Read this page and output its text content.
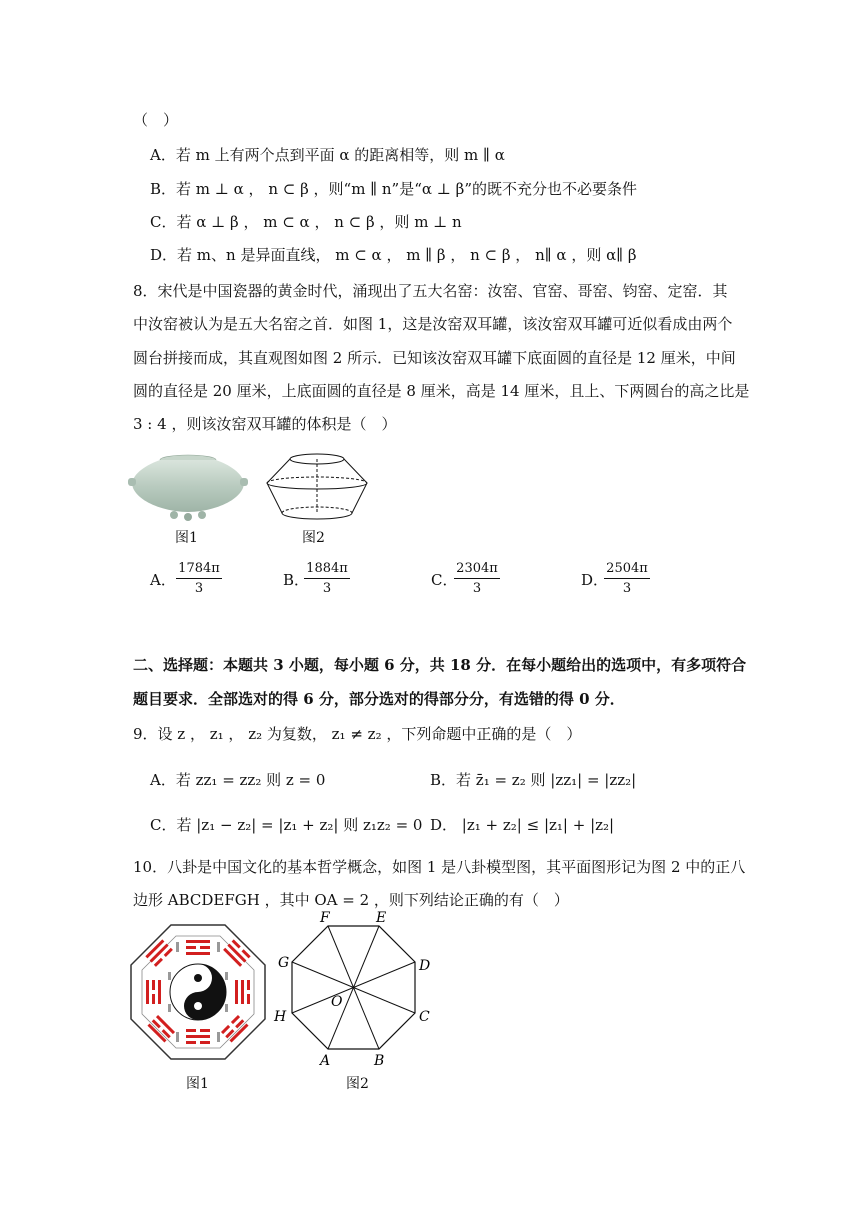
（　）
A．若 m 上有两个点到平面 α 的距离相等，则 m ∥ α
B．若 m ⊥ α ， n ⊂ β ，则“m ∥ n”是“α ⊥ β”的既不充分也不必要条件
C．若 α ⊥ β ， m ⊂ α ， n ⊂ β ，则 m ⊥ n
D．若 m、n 是异面直线， m ⊂ α ， m ∥ β ， n ⊂ β ， n∥ α ，则 α∥ β
8．宋代是中国瓷器的黄金时代，涌现出了五大名窑：汝窑、官窑、哥窑、钧窑、定窑．其
中汝窑被认为是五大名窑之首．如图 1，这是汝窑双耳罐，该汝窑双耳罐可近似看成由两个
圆台拼接而成，其直观图如图 2 所示．已知该汝窑双耳罐下底面圆的直径是 12 厘米，中间
圆的直径是 20 厘米，上底面圆的直径是 8 厘米，高是 14 厘米，且上、下两圆台的高之比是
3 : 4 ，则该汝窑双耳罐的体积是（　）
图1	图2
A． $\frac{1784\pi}{3}$	B．
$\frac{1884\pi}{3}$	C．
$\frac{2304\pi}{3}$	D．
$\frac{2504\pi}{3}$
二、选择题：本题共 3 小题，每小题 6 分，共 18 分．在每小题给出的选项中，有多项符合
题目要求．全部选对的得 6 分，部分选对的得部分分，有选错的得 0 分．
9．设 z ， z₁ ， z₂ 为复数， z₁ ≠ z₂ ，下列命题中正确的是（　）
A．若 zz₁ = zz₂ 则 z = 0	B．若 z̄₁ = z₂ 则 |zz₁| = |zz₂|
C．若 |z₁ − z₂| = |z₁ + z₂| 则 z₁z₂ = 0 D． |z₁ + z₂| ≤ |z₁| + |z₂|
10．八卦是中国文化的基本哲学概念，如图 1 是八卦模型图，其平面图形记为图 2 中的正八
边形 ABCDEFGH ，其中 OA = 2 ，则下列结论正确的有（　）
图1
F	E
G	D
H	C
A	B
O
图2
